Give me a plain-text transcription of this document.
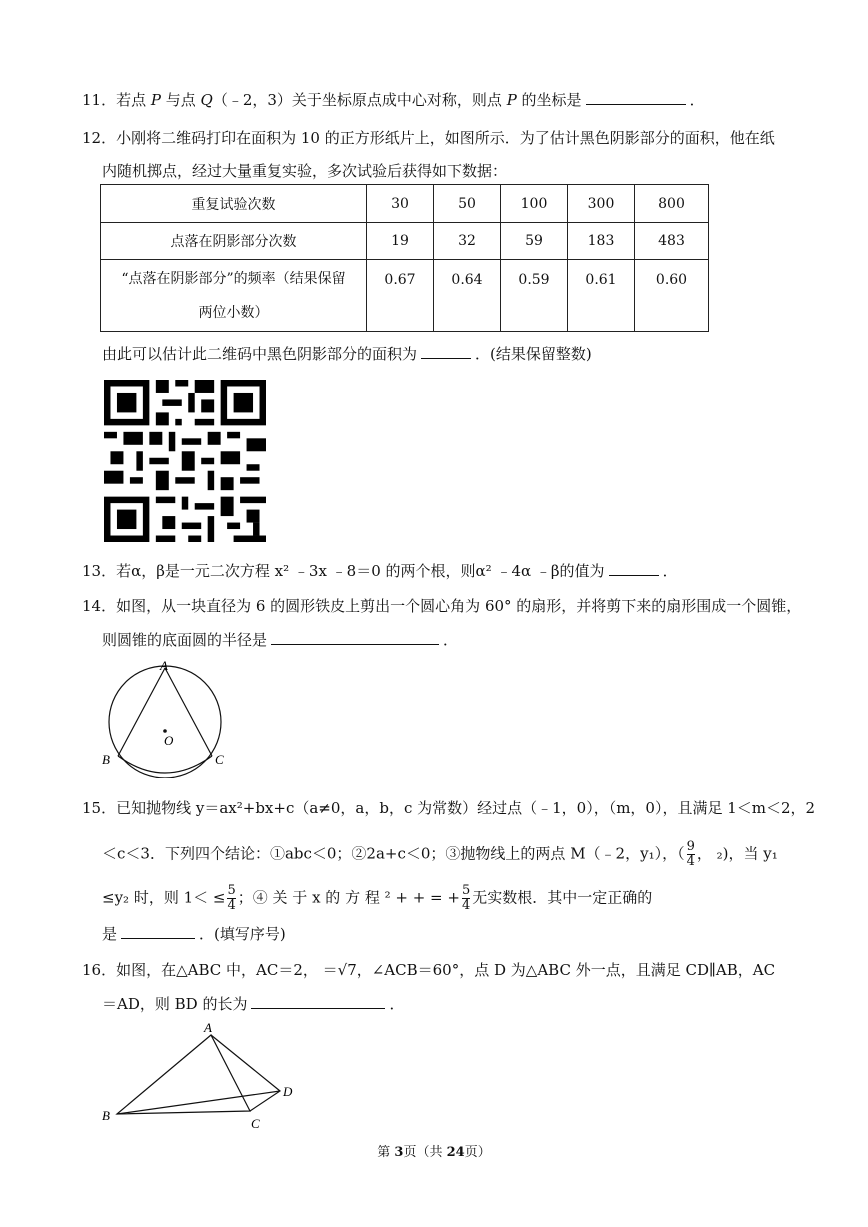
11．若点 P 与点 Q（﹣2，3）关于坐标原点成中心对称，则点 P 的坐标是	．
12．小刚将二维码打印在面积为 10 的正方形纸片上，如图所示．为了估计黑色阴影部分的面积，他在纸
内随机掷点，经过大量重复实验，多次试验后获得如下数据：
重复试验次数	30	50	100	300	800
点落在阴影部分次数	19	32	59	183	483

“点落在阴影部分”的频率（结果保留
两位小数）	0.67	0.64	0.59	0.61	0.60
由此可以估计此二维码中黑色阴影部分的面积为	．(结果保留整数)
13．若α，β是一元二次方程 x² ﹣3x ﹣8＝0 的两个根，则α² ﹣4α ﹣β的值为	．
14．如图，从一块直径为 6 的圆形铁皮上剪出一个圆心角为 60° 的扇形，并将剪下来的扇形围成一个圆锥，
则圆锥的底面圆的半径是	．
A
B	C
O
15．已知抛物线 y＝ax²+bx+c（a≠0，a，b，c 为常数）经过点（﹣1，0），（m，0），且满足 1＜m＜2，2
＜c＜3．下列四个结论：①abc＜0；②2a+c＜0；③抛物线上的两点 M（﹣2，y₁），（ $\frac{9}{4}$ ， ₂)，当 y₁
≤y₂ 时，则 $1< \le \frac{5}{4}$ ；④ 关 于 x 的 方 程 ² + + = + $\frac{5}{4}$ 无实数根．其中一定正确的
是	．(填写序号)
16．如图，在△ABC 中，AC＝2， ＝√7，∠ACB＝60°，点 D 为△ABC 外一点，且满足 CD∥AB，AC
＝AD，则 BD 的长为	．
A
B
C
D
第 3页（共 24页）
